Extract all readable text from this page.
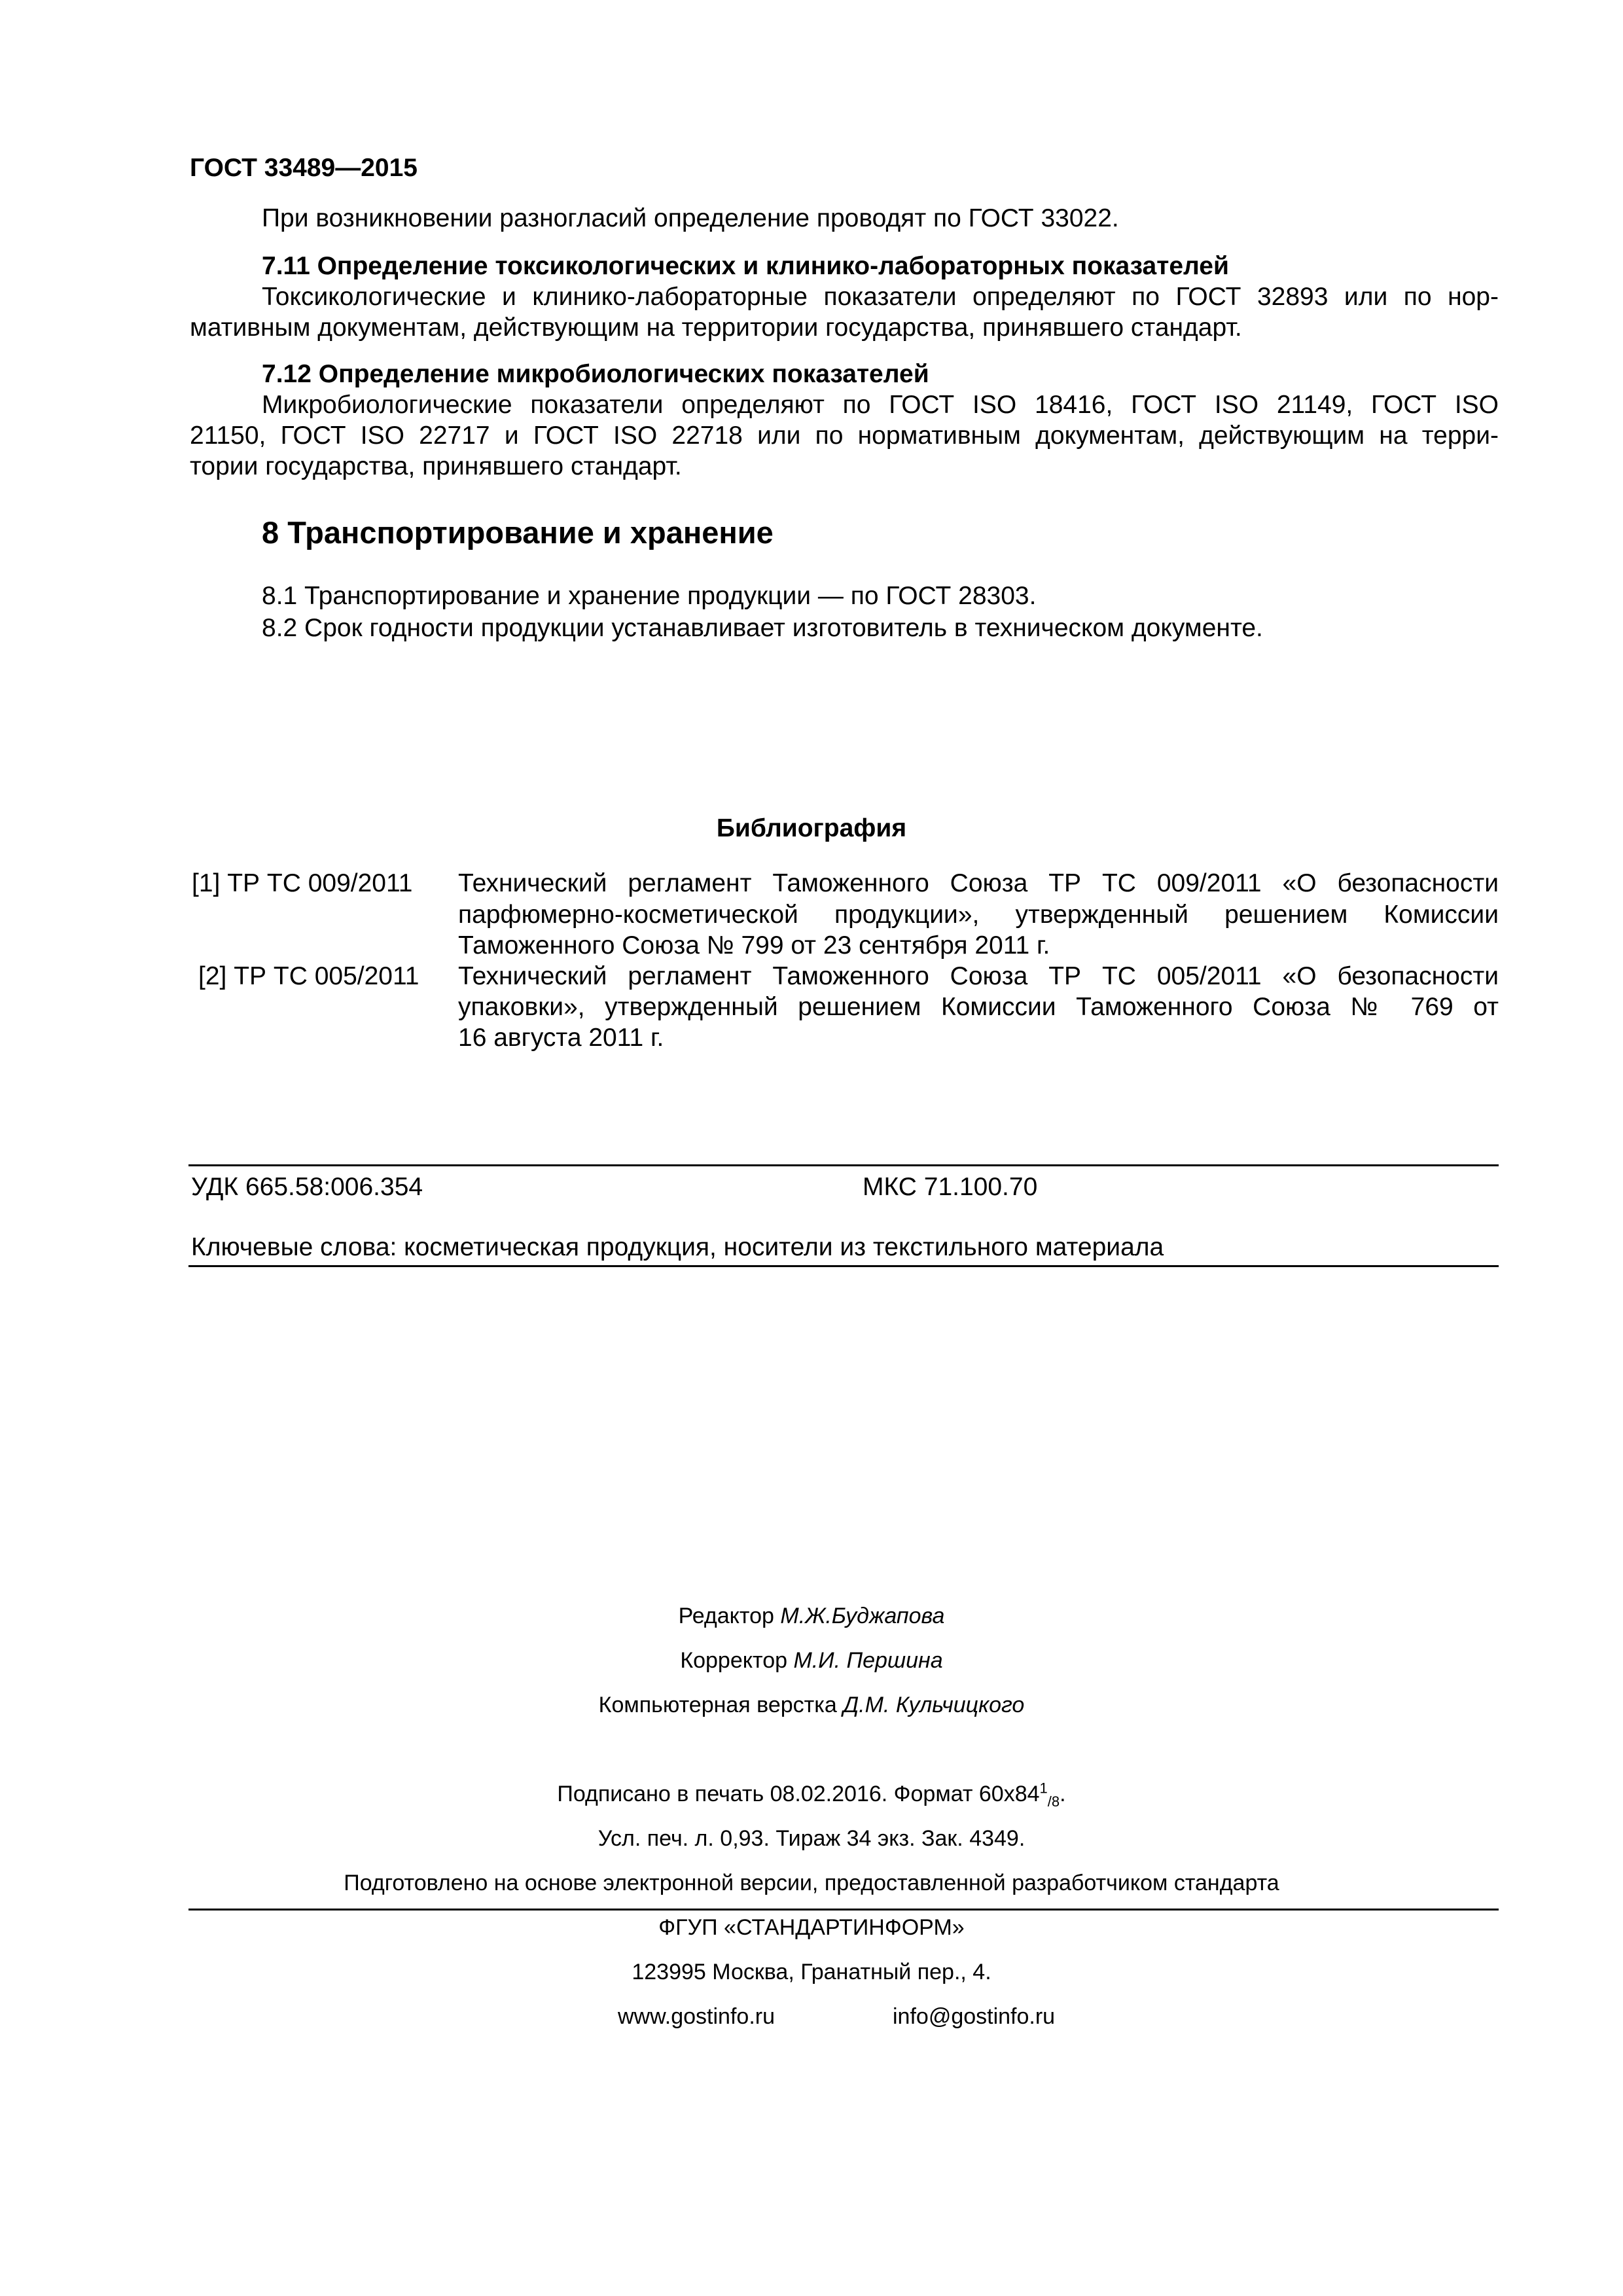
ГОСТ 33489—2015
При возникновении разногласий определение проводят по ГОСТ 33022.
7.11 Определение токсикологических и клинико-лабораторных показателей
Токсикологические и клинико-лабораторные показатели определяют по ГОСТ 32893 или по нор-
мативным документам, действующим на территории государства, принявшего стандарт.
7.12 Определение микробиологических показателей
Микробиологические показатели определяют по ГОСТ ISO 18416, ГОСТ ISO 21149, ГОСТ ISO
21150, ГОСТ ISO 22717 и ГОСТ ISO 22718 или по нормативным документам, действующим на терри-
тории государства, принявшего стандарт.
8 Транспортирование и хранение
8.1 Транспортирование и хранение продукции — по ГОСТ 28303.
8.2 Срок годности продукции устанавливает изготовитель в техническом документе.
Библиография
[1] ТР ТС 009/2011 Технический регламент Таможенного Союза ТР ТС 009/2011 «О безопасности
парфюмерно-косметической продукции», утвержденный решением Комиссии
Таможенного Союза № 799 от 23 сентября 2011 г.
[2] ТР ТС 005/2011 Технический регламент Таможенного Союза ТР ТС 005/2011 «О безопасности
упаковки», утвержденный решением Комиссии Таможенного Союза № 769 от
16 августа 2011 г.
УДК 665.58:006.354	МКС 71.100.70
Ключевые слова: косметическая продукция, носители из текстильного материала
Редактор М.Ж.Буджапова
Корректор М.И. Першина
Компьютерная верстка Д.М. Кульчицкого
Подписано в печать 08.02.2016. Формат $60х84^1_{/8}$.
Усл. печ. л. 0,93. Тираж 34 экз. Зак. 4349.
Подготовлено на основе электронной версии, предоставленной разработчиком стандарта
ФГУП «СТАНДАРТИНФОРМ»
123995 Москва, Гранатный пер., 4.
www.gostinfo.ru	info@gostinfo.ru
